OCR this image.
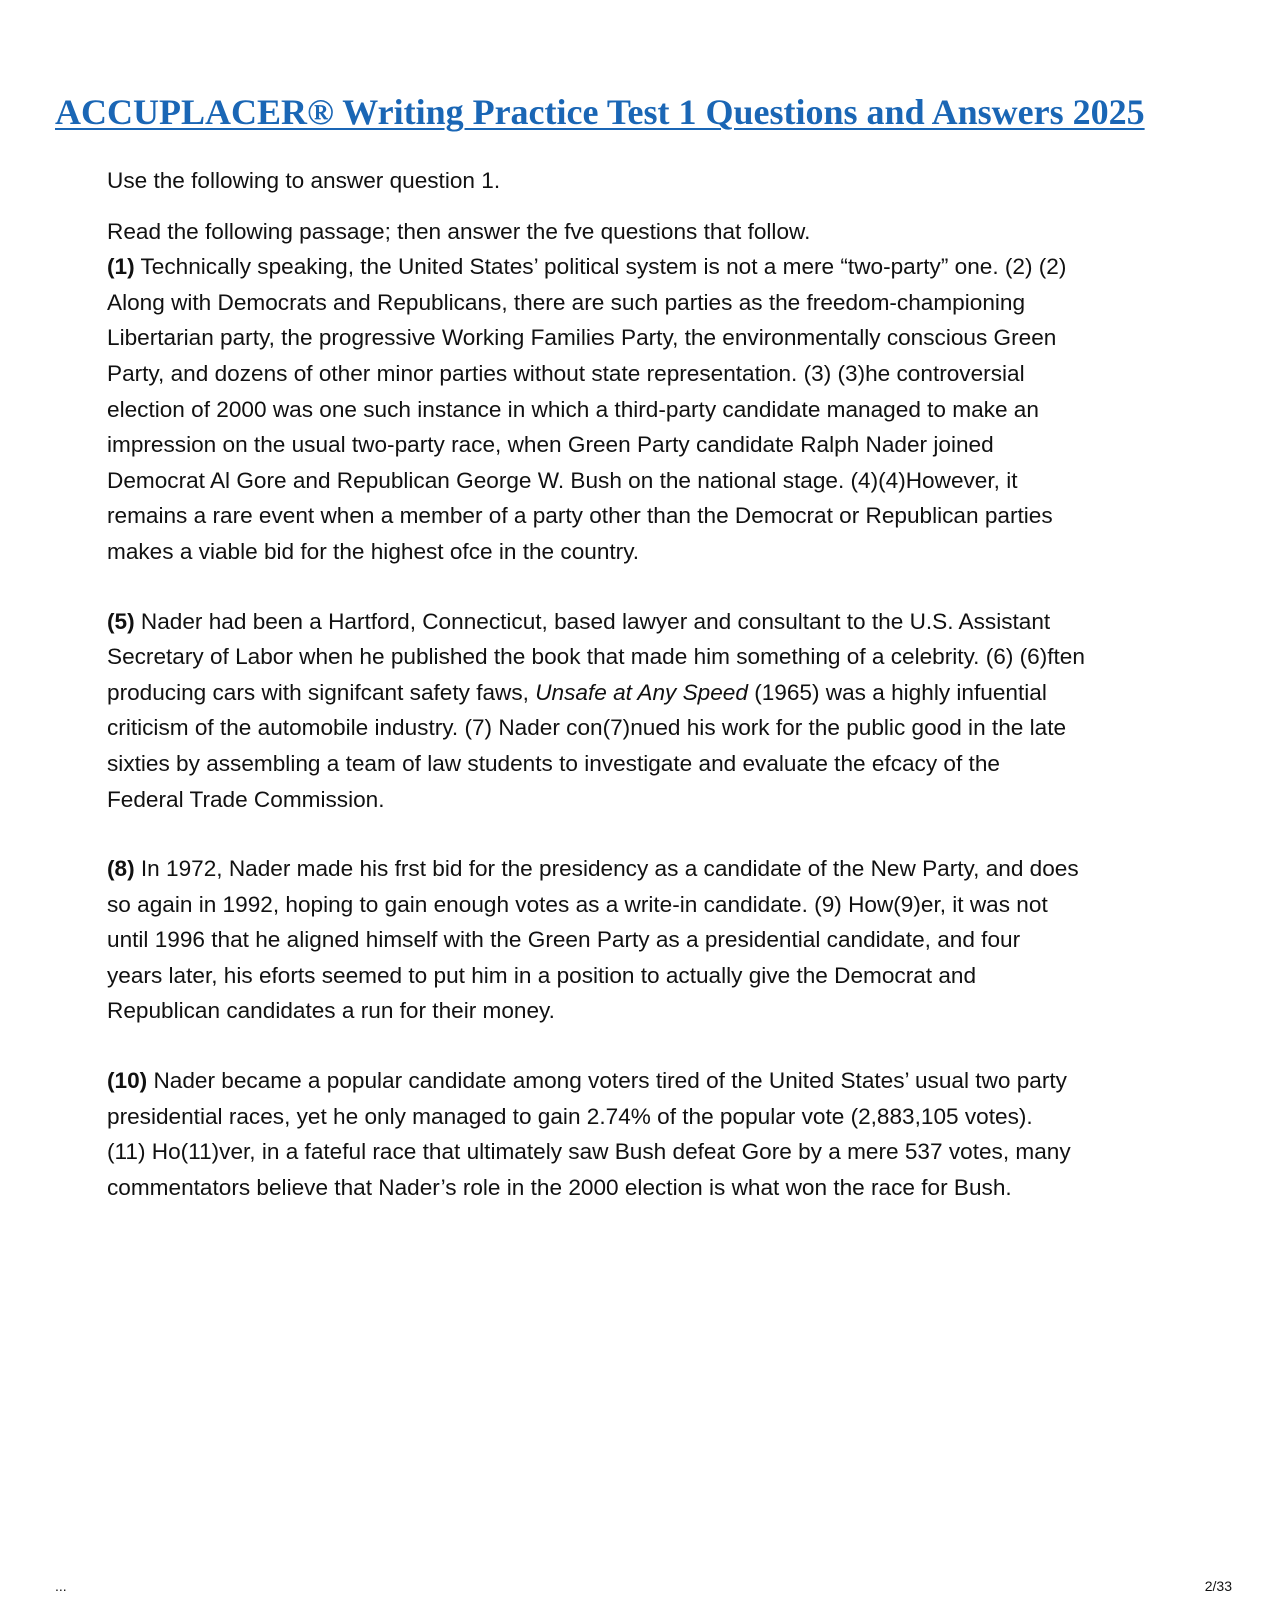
ACCUPLACER® Writing Practice Test 1 Questions and Answers 2025

Use the following to answer question 1.

Read the following passage; then answer the fve questions that follow.

(1) Technically speaking, the United States’ political system is not a mere “two-party” one. (2) (2)

Along with Democrats and Republicans, there are such parties as the freedom-championing

Libertarian party, the progressive Working Families Party, the environmentally conscious Green

Party, and dozens of other minor parties without state representation. (3) (3)he controversial

election of 2000 was one such instance in which a third-party candidate managed to make an

impression on the usual two-party race, when Green Party candidate Ralph Nader joined

Democrat Al Gore and Republican George W. Bush on the national stage. (4)(4)However, it

remains a rare event when a member of a party other than the Democrat or Republican parties

makes a viable bid for the highest ofce in the country.

(5) Nader had been a Hartford, Connecticut, based lawyer and consultant to the U.S. Assistant

Secretary of Labor when he published the book that made him something of a celebrity. (6) (6)ften

producing cars with signifcant safety faws, Unsafe at Any Speed (1965) was a highly infuential

criticism of the automobile industry. (7) Nader con(7)nued his work for the public good in the late

sixties by assembling a team of law students to investigate and evaluate the efcacy of the

Federal Trade Commission.

(8) In 1972, Nader made his frst bid for the presidency as a candidate of the New Party, and does

so again in 1992, hoping to gain enough votes as a write-in candidate. (9) How(9)er, it was not

until 1996 that he aligned himself with the Green Party as a presidential candidate, and four

years later, his eforts seemed to put him in a position to actually give the Democrat and

Republican candidates a run for their money.

(10) Nader became a popular candidate among voters tired of the United States’ usual two party

presidential races, yet he only managed to gain 2.74% of the popular vote (2,883,105 votes).

(11) Ho(11)ver, in a fateful race that ultimately saw Bush defeat Gore by a mere 537 votes, many

commentators believe that Nader’s role in the 2000 election is what won the race for Bush.

...	2/33
